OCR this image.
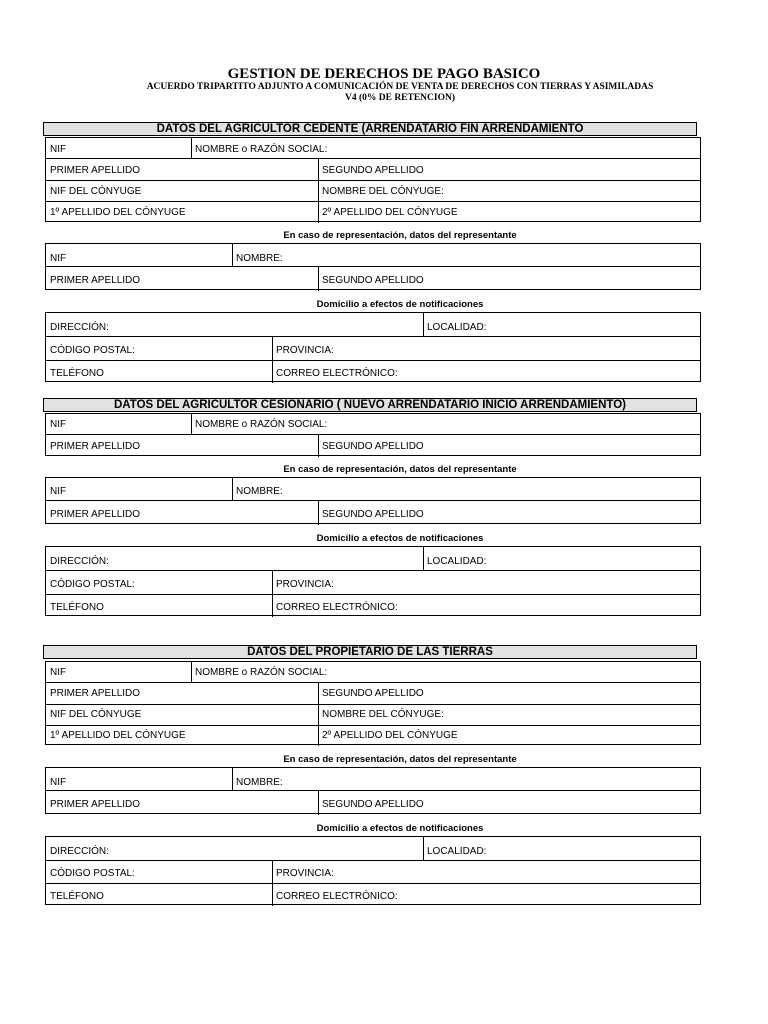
GESTION DE DERECHOS DE PAGO BASICO
ACUERDO TRIPARTITO ADJUNTO A COMUNICACIÓN DE VENTA DE DERECHOS CON TIERRAS Y ASIMILADAS
V4 (0% DE RETENCION)
DATOS DEL AGRICULTOR CEDENTE (ARRENDATARIO FIN ARRENDAMIENTO
NIF	NOMBRE o RAZÓN SOCIAL:
PRIMER APELLIDO	SEGUNDO APELLIDO
NIF DEL CÓNYUGE	NOMBRE DEL CÓNYUGE:
1º APELLIDO DEL CÓNYUGE	2º APELLIDO DEL CÓNYUGE
En caso de representación, datos del representante
NIF	NOMBRE:
PRIMER APELLIDO	SEGUNDO APELLIDO
Domicilio a efectos de notificaciones
DIRECCIÓN:	LOCALIDAD:
CÓDIGO POSTAL:	PROVINCIA:
TELÉFONO	CORREO ELECTRÓNICO:
DATOS DEL AGRICULTOR CESIONARIO ( NUEVO ARRENDATARIO INICIO ARRENDAMIENTO)
NIF	NOMBRE o RAZÓN SOCIAL:
PRIMER APELLIDO	SEGUNDO APELLIDO
En caso de representación, datos del representante
NIF	NOMBRE:
PRIMER APELLIDO	SEGUNDO APELLIDO
Domicilio a efectos de notificaciones
DIRECCIÓN:	LOCALIDAD:
CÓDIGO POSTAL:	PROVINCIA:
TELÉFONO	CORREO ELECTRÓNICO:
DATOS DEL PROPIETARIO DE LAS TIERRAS
NIF	NOMBRE o RAZÓN SOCIAL:
PRIMER APELLIDO	SEGUNDO APELLIDO
NIF DEL CÓNYUGE	NOMBRE DEL CÓNYUGE:
1º APELLIDO DEL CÓNYUGE	2º APELLIDO DEL CÓNYUGE
En caso de representación, datos del representante
NIF	NOMBRE:
PRIMER APELLIDO	SEGUNDO APELLIDO
Domicilio a efectos de notificaciones
DIRECCIÓN:	LOCALIDAD:
CÓDIGO POSTAL:	PROVINCIA:
TELÉFONO	CORREO ELECTRÓNICO:
